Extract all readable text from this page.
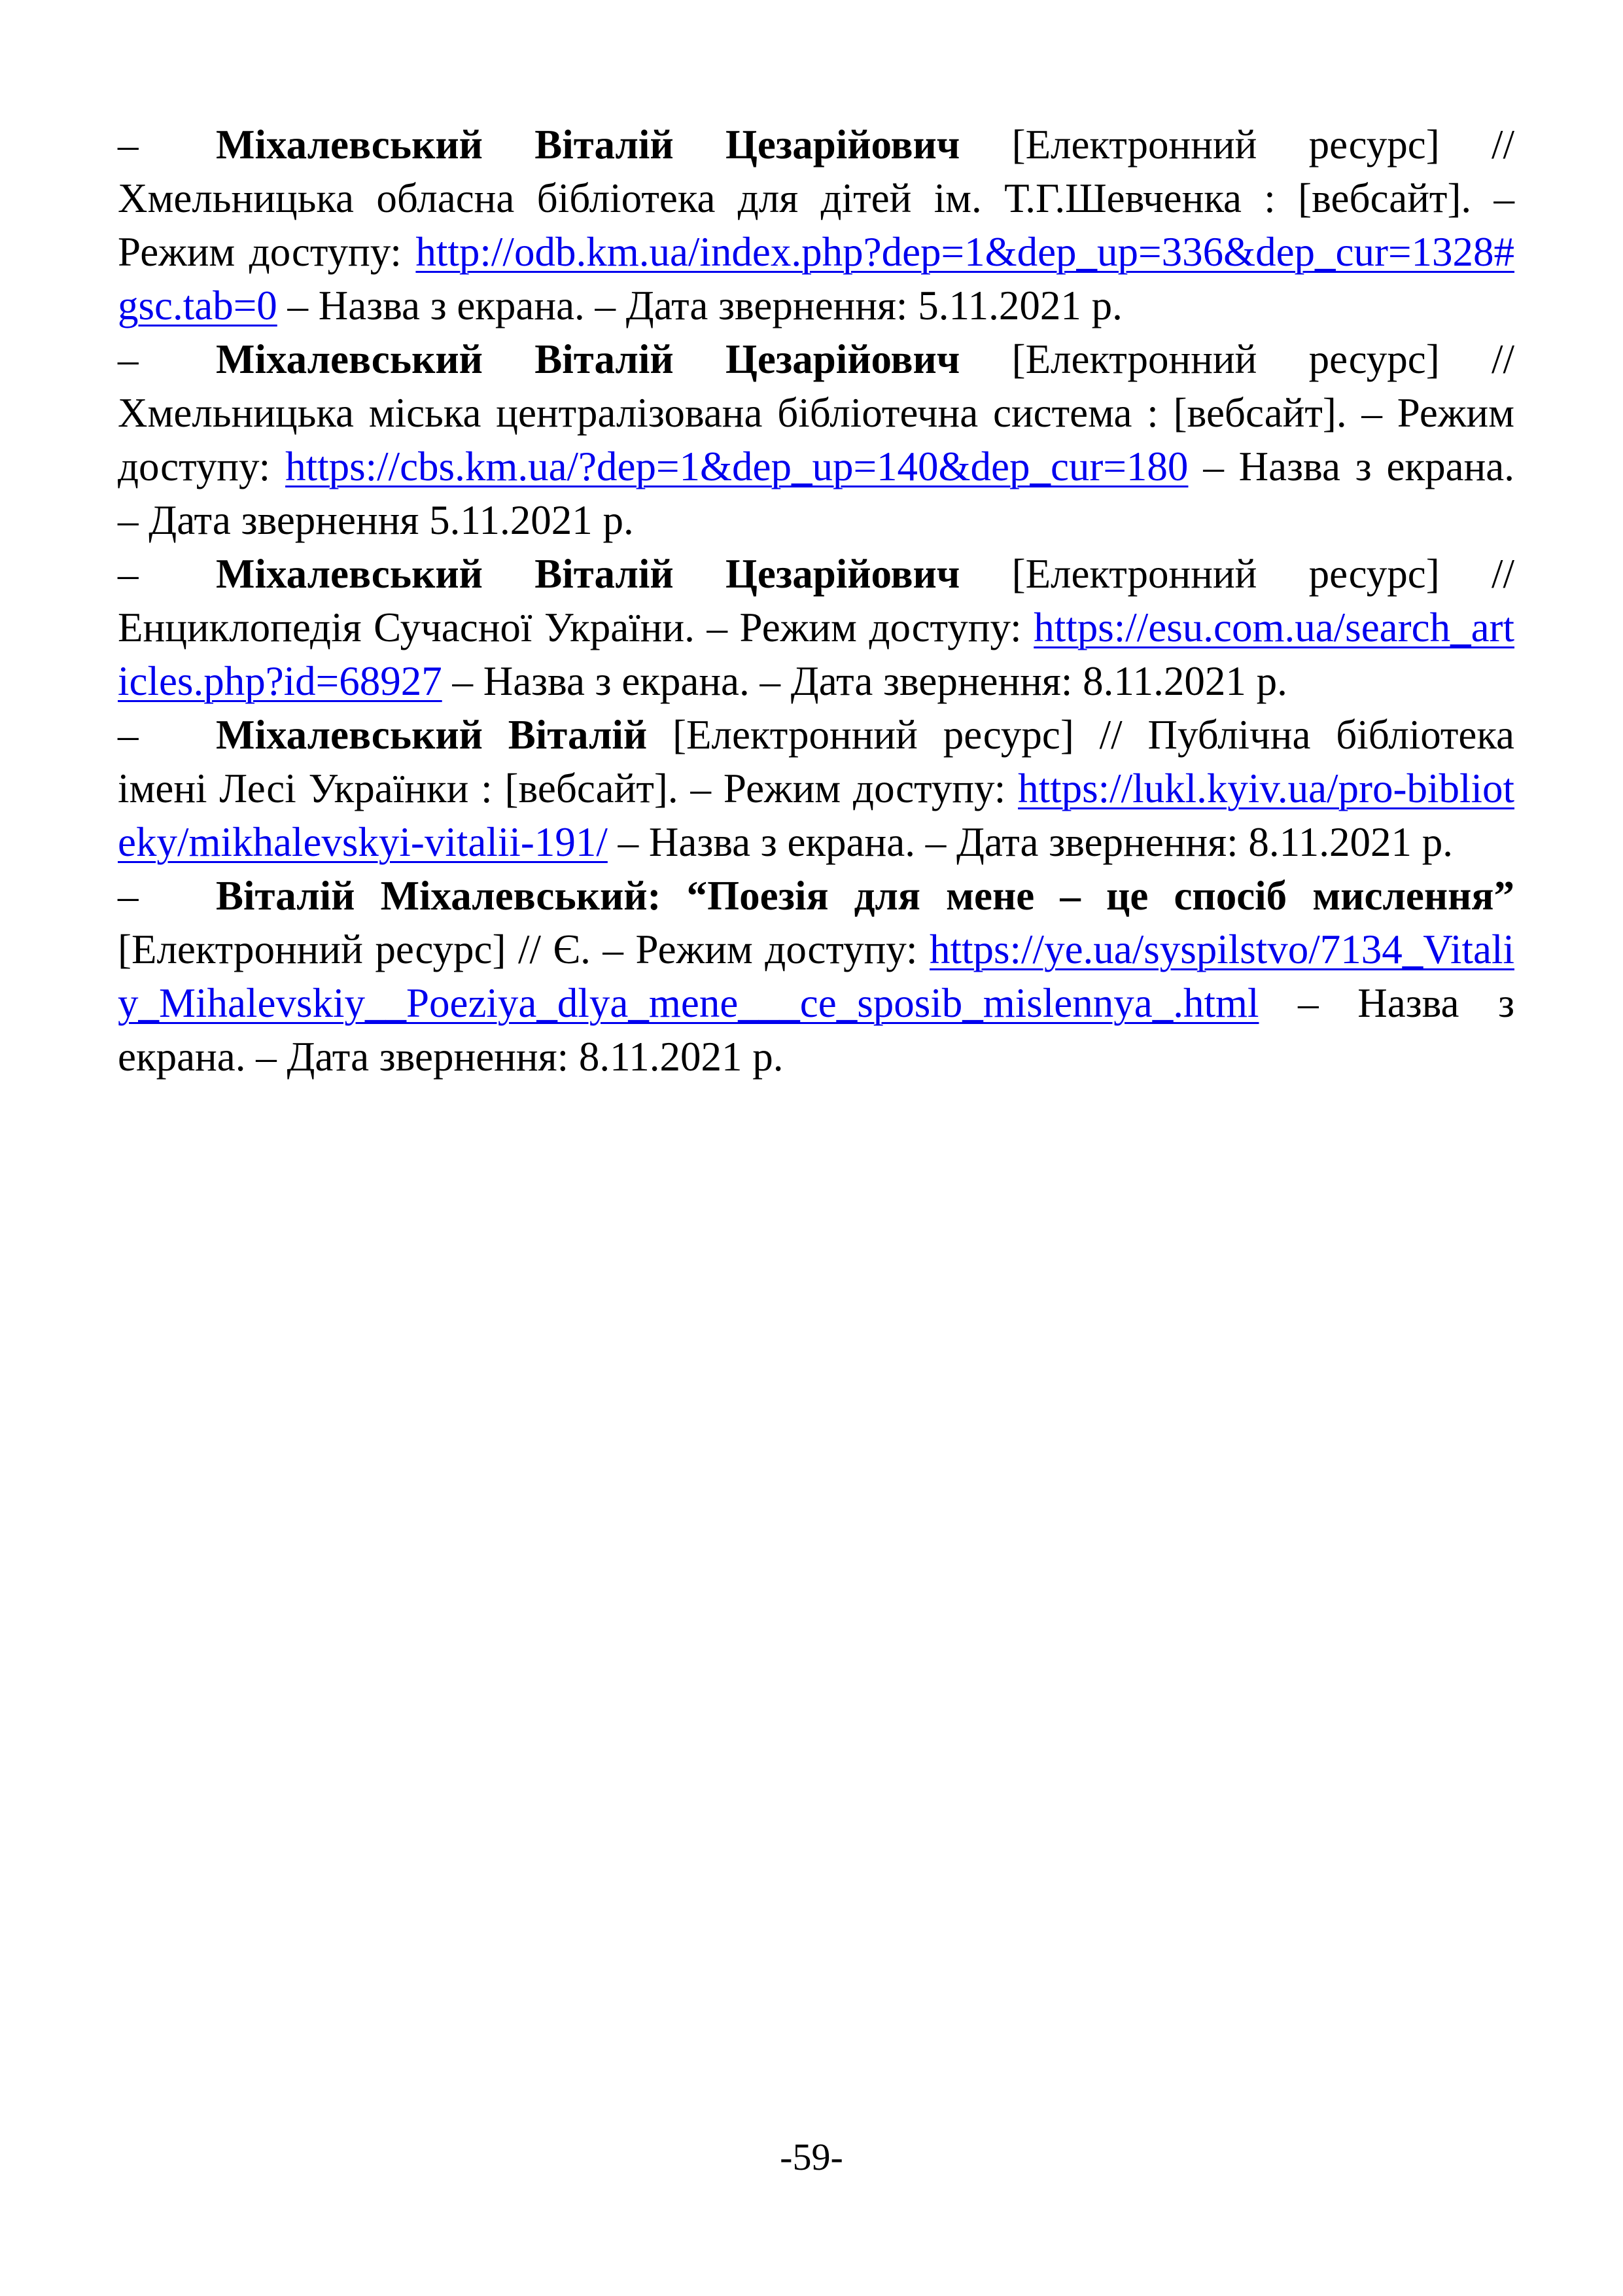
– Міхалевський Віталій Цезарійович [Електронний ресурс] // Хмельницька обласна бібліотека для дітей ім. Т.Г.Шевченка : [вебсайт]. – Режим доступу: http://odb.km.ua/index.php?dep=1&dep_up=336&dep_cur=1328#gsc.tab=0 – Назва з екрана. – Дата звернення: 5.11.2021 р.

– Міхалевський Віталій Цезарійович [Електронний ресурс] // Хмельницька міська централізована бібліотечна система : [вебсайт]. – Режим доступу: https://cbs.km.ua/?dep=1&dep_up=140&dep_cur=180 – Назва з екрана. – Дата звернення 5.11.2021 р.

– Міхалевський Віталій Цезарійович [Електронний ресурс] // Енциклопедія Сучасної України. – Режим доступу: https://esu.com.ua/search_articles.php?id=68927 – Назва з екрана. – Дата звернення: 8.11.2021 р.

– Міхалевський Віталій [Електронний ресурс] // Публічна бібліотека імені Лесі Українки : [вебсайт]. – Режим доступу: https://lukl.kyiv.ua/pro-biblioteky/mikhalevskyi-vitalii-191/ – Назва з екрана. – Дата звернення: 8.11.2021 р.

– Віталій Міхалевський: “Поезія для мене – це спосіб мислення” [Електронний ресурс] // Є. – Режим доступу: https://ye.ua/syspilstvo/7134_Vitaliy_Mihalevskiy__Poeziya_dlya_mene___ce_sposib_mislennya_.html – Назва з екрана. – Дата звернення: 8.11.2021 р.

-59-
